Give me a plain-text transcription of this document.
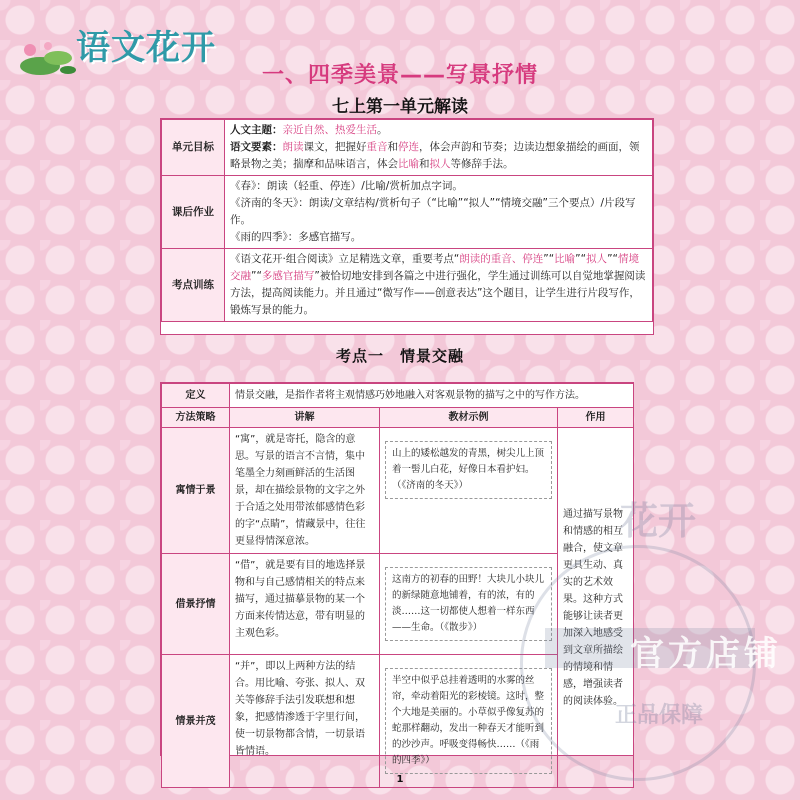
语文花开
一、四季美景——写景抒情
七上第一单元解读
单元目标	人文主题：亲近自然、热爱生活。
语文要素：朗读课文，把握好重音和停连，体会声韵和节奏；边读边想象描绘的画面，领略景物之美；揣摩和品味语言，体会比喻和拟人等修辞手法。

课后作业	《春》：朗读（轻重、停连）/比喻/赏析加点字词。
《济南的冬天》：朗读/文章结构/赏析句子（“比喻”“拟人”“情境交融”三个要点）/片段写作。
《雨的四季》：多感官描写。

考点训练	《语文花开·组合阅读》立足精选文章，重要考点“朗读的重音、停连”“比喻”“拟人”“情境交融”“多感官描写”被恰切地安排到各篇之中进行强化，学生通过训练可以自觉地掌握阅读方法，提高阅读能力。并且通过“微写作——创意表达”这个题目，让学生进行片段写作，锻炼写景的能力。
考点一　情景交融
定义	情景交融，是指作者将主观情感巧妙地融入对客观景物的描写之中的写作方法。		
方法策略	讲解	教材示例	作用
寓情于景	“寓”，就是寄托，隐含的意思。写景的语言不言情，集中笔墨全力刻画鲜活的生活图景，却在描绘景物的文字之外于合适之处用带浓郁感情色彩的字“点睛”，情藏景中，往往更显得情深意浓。	山上的矮松越发的青黑，树尖儿上顶着一髻儿白花，好像日本看护妇。（《济南的冬天》）	通过描写景物和情感的相互融合，使文章更具生动、真实的艺术效果。这种方式能够让读者更加深入地感受到文章所描绘的情境和情感，增强读者的阅读体验。
借景抒情	“借”，就是要有目的地选择景物和与自己感情相关的特点来描写，通过描摹景物的某一个方面来传情达意，带有明显的主观色彩。	这南方的初春的田野！大块儿小块儿的新绿随意地铺着，有的浓，有的淡……这一切都使人想着一样东西——生命。（《散步》）	

情景并茂	“并”，即以上两种方法的结合。用比喻、夸张、拟人、双关等修辞手法引发联想和想象，把感情渗透于字里行间，使一切景物都含情，一切景语皆情语。	半空中似乎总挂着透明的水雾的丝帘，牵动着阳光的彩棱镜。这时，整个大地是美丽的。小草似乎像复苏的蛇那样翻动，发出一种春天才能听到的沙沙声。呼吸变得畅快……（《雨的四季》）	
1
花开
官方店铺
正品保障
